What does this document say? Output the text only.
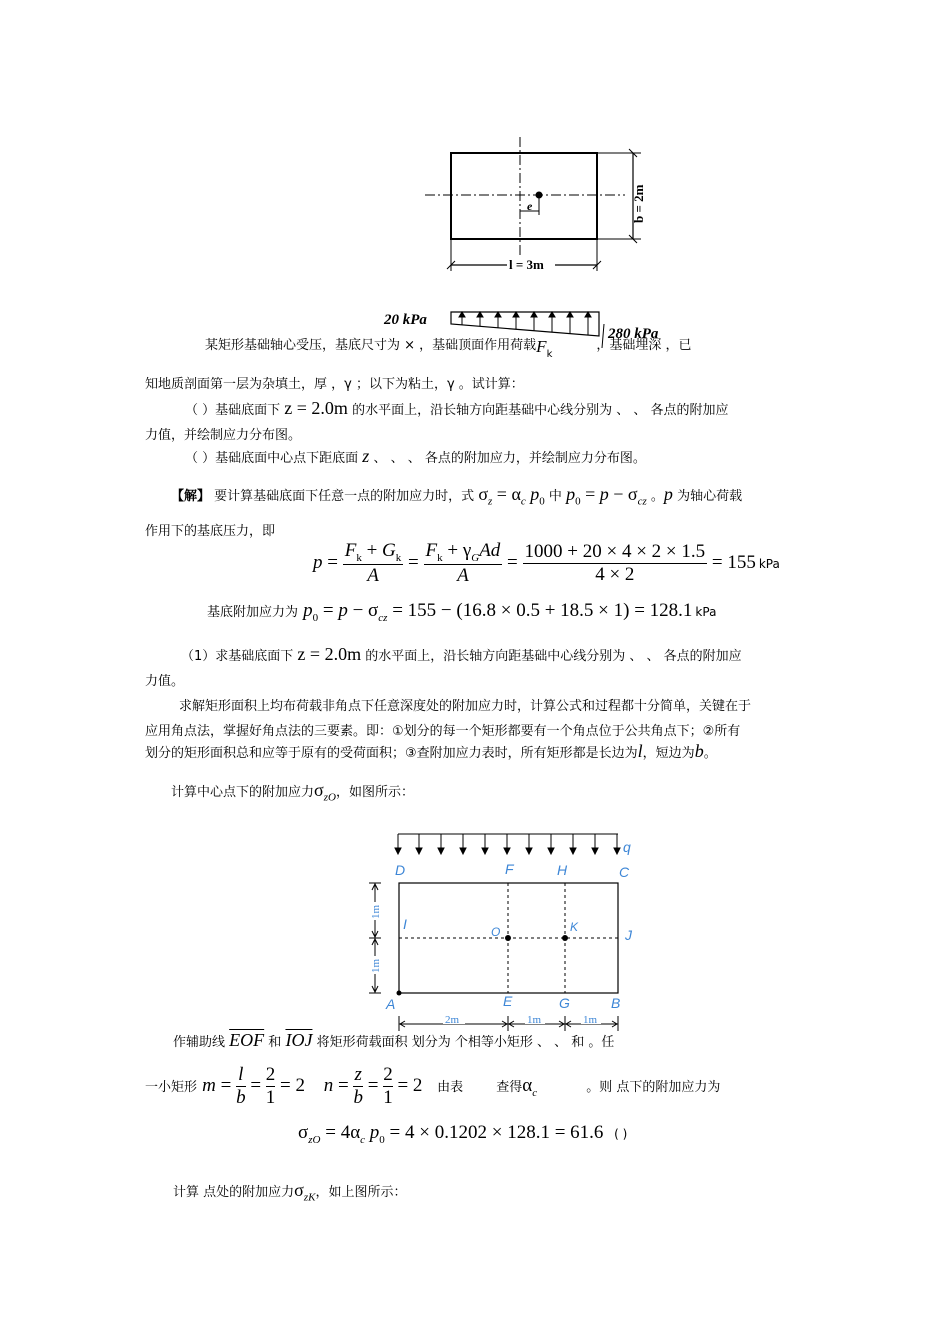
e	b = 2m
l = 3m
20 kPa
280 kPa
某矩形基础轴心受压，基底尺寸为 × ，基础顶面作用荷载$F_k$，基础埋深 ，已
知地质剖面第一层为杂填土，厚 ，γ ；以下为粘土，γ 。试计算：
（ ）基础底面下 z = 2.0m 的水平面上，沿长轴方向距基础中心线分别为 、 、 各点的附加应
力值，并绘制应力分布图。
（ ）基础底面中心点下距底面 z 、 、 、 各点的附加应力，并绘制应力分布图。
【解】 要计算基础底面下任意一点的附加应力时，式 $\sigma_z = \alpha_c$ $p_0$ 中 $p_0 = p - \sigma_{cz}$ 。p 为轴心荷载
作用下的基底压力，即
$p = \frac{F_k + G_k}{A} = \frac{F_k + \gamma_GAd}{A} = \frac{1000 + 20 \times 4 \times 2 \times 1.5}{4 \times 2} = 155$ kPa
基底附加应力为 $p_0 = p - \sigma_{cz} = 155 - (16.8 \times 0.5 + 18.5 \times 1) = 128.1$ kPa
（1）求基础底面下 z = 2.0m 的水平面上，沿长轴方向距基础中心线分别为 、 、 各点的附加应
力值。
求解矩形面积上均布荷载非角点下任意深度处的附加应力时，计算公式和过程都十分简单，关键在于
应用角点法，掌握好角点法的三要素。即：①划分的每一个矩形都要有一个角点位于公共角点下；②所有
划分的矩形面积总和应等于原有的受荷面积；③查附加应力表时，所有矩形都是长边为l，短边为b。
计算中心点下的附加应力$\sigma_{zO}$，如图所示：
q
D	F	H	C
I	O	K	J
A	E	G	B
1m
1m
2m	1m	1m
作辅助线 $\overline{EOF}$ 和 $\overline{IOJ}$ 将矩形荷载面积 划分为 个相等小矩形 、 、 和 。任
一小矩形 $m = \frac{l}{b} = \frac{2}{1} = 2$ $n = \frac{z}{b} = \frac{2}{1} = 2$ 由表	查得$\alpha_c$	。则 点下的附加应力为
$\sigma_{zO} = 4\alpha_c$ $p_0 = 4 \times 0.1202 \times 128.1 = 61.6$ ( )
计算 点处的附加应力$\sigma_{zK}$，如上图所示：
